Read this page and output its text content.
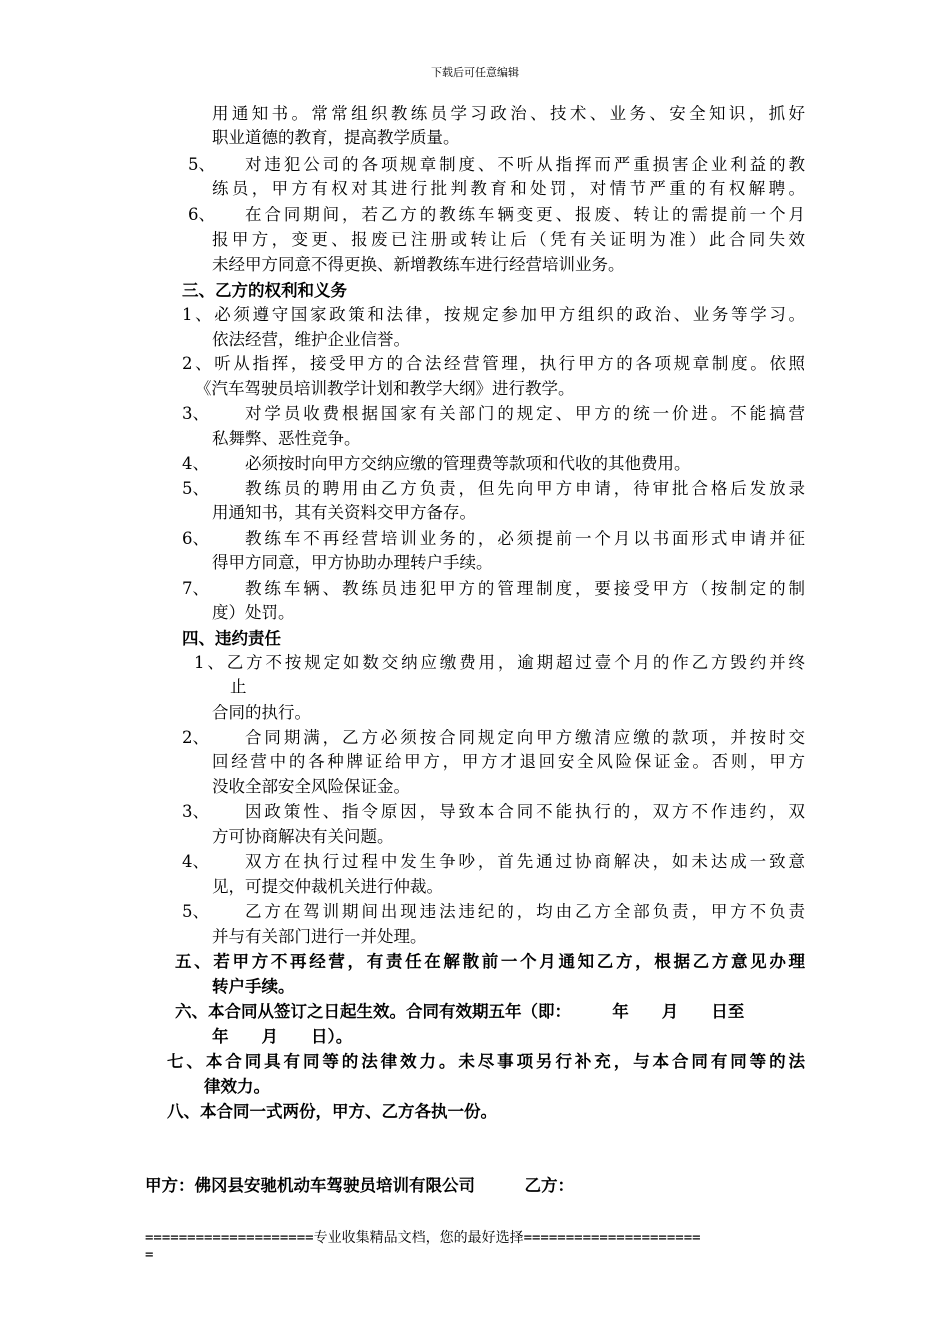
下载后可任意编辑
用通知书。常常组织教练员学习政治、技术、业务、安全知识，抓好
职业道德的教育，提高教学质量。
5、 对违犯公司的各项规章制度、不听从指挥而严重损害企业利益的教
练员，甲方有权对其进行批判教育和处罚，对情节严重的有权解聘。
6、 在合同期间，若乙方的教练车辆变更、报废、转让的需提前一个月
报甲方，变更、报废已注册或转让后（凭有关证明为准）此合同失效
未经甲方同意不得更换、新增教练车进行经营培训业务。
三、乙方的权利和义务
1、必须遵守国家政策和法律，按规定参加甲方组织的政治、业务等学习。
依法经营，维护企业信誉。
2、听从指挥，接受甲方的合法经营管理，执行甲方的各项规章制度。依照
《汽车驾驶员培训教学计划和教学大纲》进行教学。
3、 对学员收费根据国家有关部门的规定、甲方的统一价进。不能搞营
私舞弊、恶性竞争。
4、 必须按时向甲方交纳应缴的管理费等款项和代收的其他费用。
5、 教练员的聘用由乙方负责，但先向甲方申请，待审批合格后发放录
用通知书，其有关资料交甲方备存。
6、 教练车不再经营培训业务的，必须提前一个月以书面形式申请并征
得甲方同意，甲方协助办理转户手续。
7、 教练车辆、教练员违犯甲方的管理制度，要接受甲方（按制定的制
度）处罚。
四、违约责任
1、乙方不按规定如数交纳应缴费用，逾期超过壹个月的作乙方毁约并终
止
合同的执行。
2、 合同期满，乙方必须按合同规定向甲方缴清应缴的款项，并按时交
回经营中的各种牌证给甲方，甲方才退回安全风险保证金。否则，甲方
没收全部安全风险保证金。
3、 因政策性、指令原因，导致本合同不能执行的，双方不作违约，双
方可协商解决有关问题。
4、 双方在执行过程中发生争吵，首先通过协商解决，如未达成一致意
见，可提交仲裁机关进行仲裁。
5、 乙方在驾训期间出现违法违纪的，均由乙方全部负责，甲方不负责
并与有关部门进行一并处理。
五、若甲方不再经营，有责任在解散前一个月通知乙方，根据乙方意见办理
转户手续。
六、本合同从签订之日起生效。合同有效期五年（即：　　　年　　月　　日至
年　　月　　日）。
七、本合同具有同等的法律效力。未尽事项另行补充，与本合同有同等的法
律效力。
八、本合同一式两份，甲方、乙方各执一份。
甲方：佛冈县安驰机动车驾驶员培训有限公司　　　乙方：
====================专业收集精品文档，您的最好选择=====================
=
